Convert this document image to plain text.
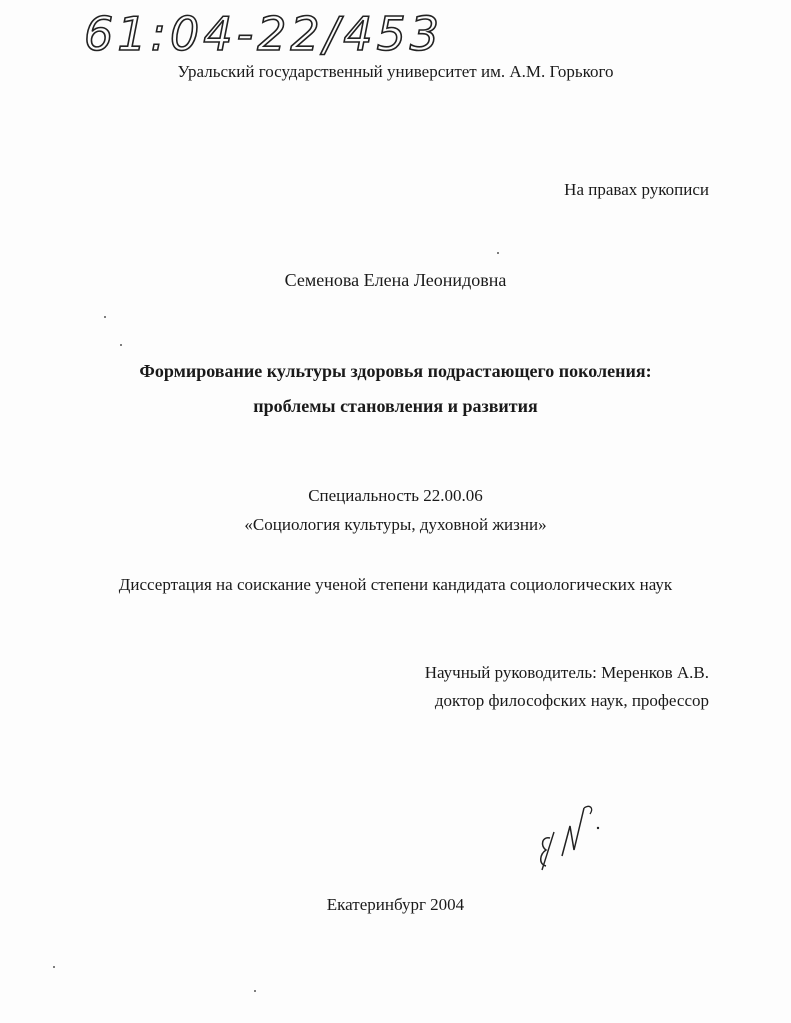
61:04-22/453
Уральский государственный университет им. А.М. Горького
На правах рукописи
Семенова Елена Леонидовна
Формирование культуры здоровья подрастающего поколения:
проблемы становления и развития
Специальность 22.00.06
«Социология культуры, духовной жизни»
Диссертация на соискание ученой степени кандидата социологических наук
Научный руководитель: Меренков А.В.
доктор философских наук, профессор
Екатеринбург 2004
